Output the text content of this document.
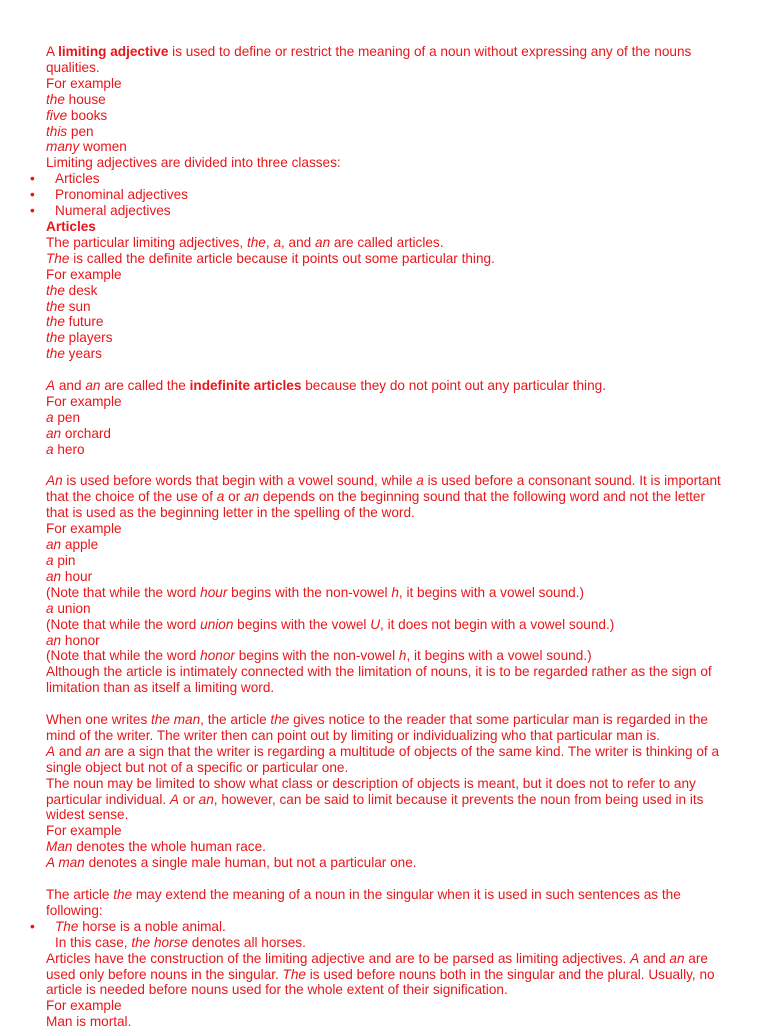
A limiting adjective is used to define or restrict the meaning of a noun without expressing any of the nouns qualities.

For example
the house
five books
this pen
many women

Limiting adjectives are divided into three classes:

• Articles
• Pronominal adjectives
• Numeral adjectives

Articles

The particular limiting adjectives, the, a, and an are called articles.

The is called the definite article because it points out some particular thing.

For example
the desk
the sun
the future
the players
the years

A and an are called the indefinite articles because they do not point out any particular thing.

For example
a pen
an orchard
a hero

An is used before words that begin with a vowel sound, while a is used before a consonant sound. It is important that the choice of the use of a or an depends on the beginning sound that the following word and not the letter that is used as the beginning letter in the spelling of the word.

For example
an apple
a pin
an hour
(Note that while the word hour begins with the non-vowel h, it begins with a vowel sound.)
a union
(Note that while the word union begins with the vowel U, it does not begin with a vowel sound.)
an honor
(Note that while the word honor begins with the non-vowel h, it begins with a vowel sound.)

Although the article is intimately connected with the limitation of nouns, it is to be regarded rather as the sign of limitation than as itself a limiting word.

When one writes the man, the article the gives notice to the reader that some particular man is regarded in the mind of the writer. The writer then can point out by limiting or individualizing who that particular man is.

A and an are a sign that the writer is regarding a multitude of objects of the same kind. The writer is thinking of a single object but not of a specific or particular one.

The noun may be limited to show what class or description of objects is meant, but it does not to refer to any particular individual. A or an, however, can be said to limit because it prevents the noun from being used in its widest sense.

For example
Man denotes the whole human race.
A man denotes a single male human, but not a particular one.

The article the may extend the meaning of a noun in the singular when it is used in such sentences as the following:

• The horse is a noble animal.

In this case, the horse denotes all horses.

Articles have the construction of the limiting adjective and are to be parsed as limiting adjectives. A and an are used only before nouns in the singular. The is used before nouns both in the singular and the plural. Usually, no article is needed before nouns used for the whole extent of their signification.

For example
Man is mortal.
